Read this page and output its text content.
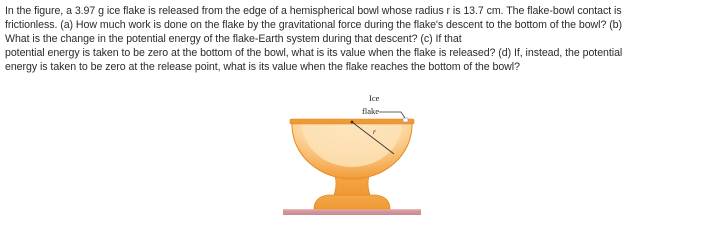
In the figure, a 3.97 g ice flake is released from the edge of a hemispherical bowl whose radius r is 13.7 cm. The flake-bowl contact is
frictionless. (a) How much work is done on the flake by the gravitational force during the flake's descent to the bottom of the bowl? (b)
What is the change in the potential energy of the flake-Earth system during that descent? (c) If that
potential energy is taken to be zero at the bottom of the bowl, what is its value when the flake is released? (d) If, instead, the potential
energy is taken to be zero at the release point, what is its value when the flake reaches the bottom of the bowl?
Ice
flake
r
